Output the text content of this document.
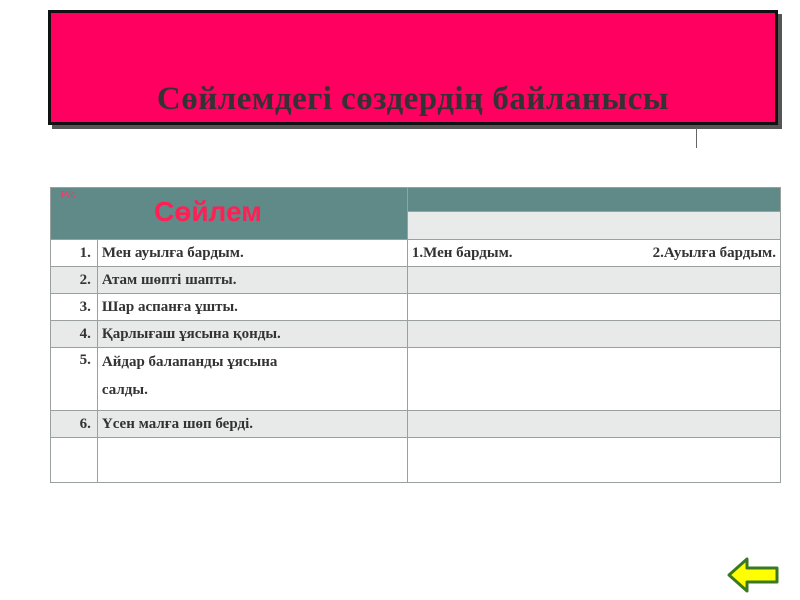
Сөйлемдегі сөздердің байланысы
Р/с
Сөйлем		

1.	Мен ауылға бардым.	1.Мен бардым. 2.Ауылға бардым.

2.	Атам шөпті шапты.	
3.	Шар аспанға ұшты.	
4.	Қарлығаш ұясына қонды.	
5.	Айдар балапанды ұясына
салды.	

6.	Үсен малға шөп берді.	
